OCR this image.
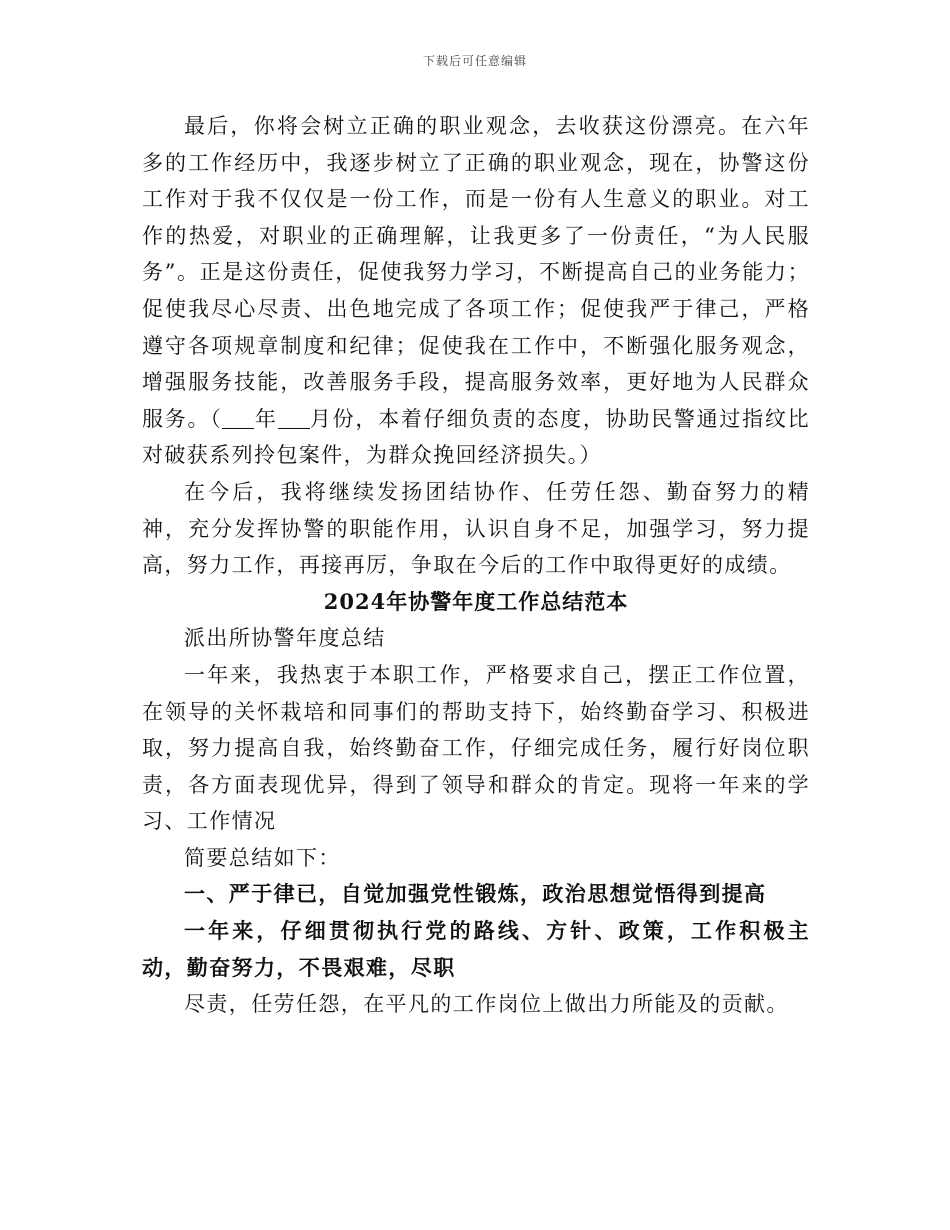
下载后可任意编辑

最后，你将会树立正确的职业观念，去收获这份漂亮。在六年多的工作经历中，我逐步树立了正确的职业观念，现在，协警这份工作对于我不仅仅是一份工作，而是一份有人生意义的职业。对工作的热爱，对职业的正确理解，让我更多了一份责任，“为人民服务”。正是这份责任，促使我努力学习，不断提高自己的业务能力；促使我尽心尽责、出色地完成了各项工作；促使我严于律己，严格遵守各项规章制度和纪律；促使我在工作中，不断强化服务观念，增强服务技能，改善服务手段，提高服务效率，更好地为人民群众服务。（ 年 月份，本着仔细负责的态度，协助民警通过指纹比对破获系列拎包案件，为群众挽回经济损失。）

在今后，我将继续发扬团结协作、任劳任怨、勤奋努力的精神，充分发挥协警的职能作用，认识自身不足，加强学习，努力提高，努力工作，再接再厉，争取在今后的工作中取得更好的成绩。

2024年协警年度工作总结范本

派出所协警年度总结

一年来，我热衷于本职工作，严格要求自己，摆正工作位置，在领导的关怀栽培和同事们的帮助支持下，始终勤奋学习、积极进取，努力提高自我，始终勤奋工作，仔细完成任务，履行好岗位职责，各方面表现优异，得到了领导和群众的肯定。现将一年来的学习、工作情况

简要总结如下：

一、严于律已，自觉加强党性锻炼，政治思想觉悟得到提高

一年来，仔细贯彻执行党的路线、方针、政策，工作积极主动，勤奋努力，不畏艰难，尽职

尽责，任劳任怨，在平凡的工作岗位上做出力所能及的贡献。
